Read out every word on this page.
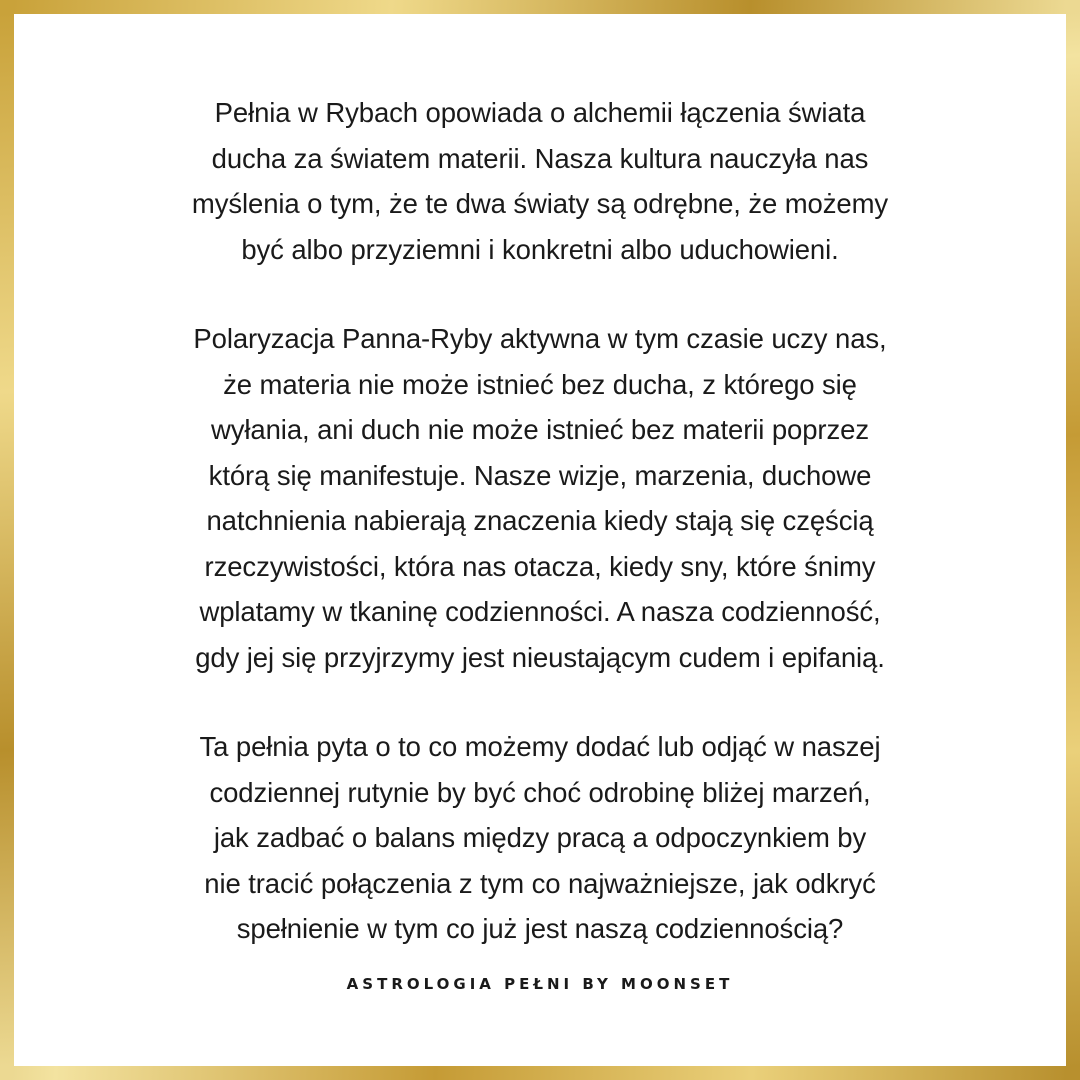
Pełnia w Rybach opowiada o alchemii łączenia świata
ducha za światem materii. Nasza kultura nauczyła nas
myślenia o tym, że te dwa światy są odrębne, że możemy
być albo przyziemni i konkretni albo uduchowieni.

Polaryzacja Panna-Ryby aktywna w tym czasie uczy nas,
że materia nie może istnieć bez ducha, z którego się
wyłania, ani duch nie może istnieć bez materii poprzez
którą się manifestuje. Nasze wizje, marzenia, duchowe
natchnienia nabierają znaczenia kiedy stają się częścią
rzeczywistości, która nas otacza, kiedy sny, które śnimy
wplatamy w tkaninę codzienności. A nasza codzienność,
gdy jej się przyjrzymy jest nieustającym cudem i epifanią.

Ta pełnia pyta o to co możemy dodać lub odjąć w naszej
codziennej rutynie by być choć odrobinę bliżej marzeń,
jak zadbać o balans między pracą a odpoczynkiem by
nie tracić połączenia z tym co najważniejsze, jak odkryć
spełnienie w tym co już jest naszą codziennością?

ASTROLOGIA PEŁNI BY MOONSET
